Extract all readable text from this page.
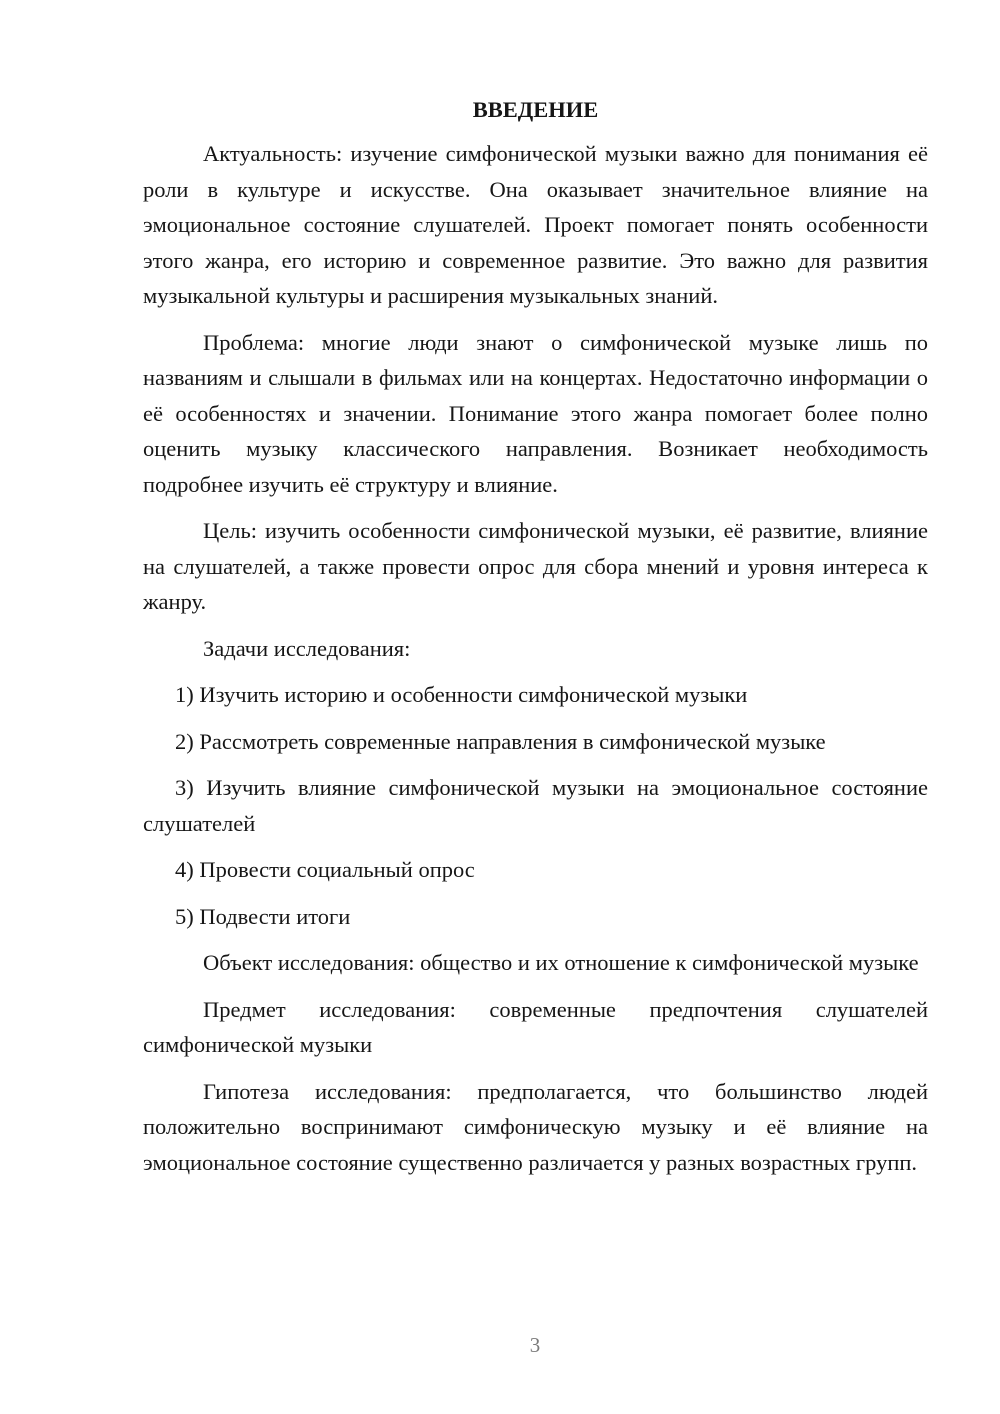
ВВЕДЕНИЕ

Актуальность: изучение симфонической музыки важно для понимания её роли в культуре и искусстве. Она оказывает значительное влияние на эмоциональное состояние слушателей. Проект помогает понять особенности этого жанра, его историю и современное развитие. Это важно для развития музыкальной культуры и расширения музыкальных знаний.

Проблема: многие люди знают о симфонической музыке лишь по названиям и слышали в фильмах или на концертах. Недостаточно информации о её особенностях и значении. Понимание этого жанра помогает более полно оценить музыку классического направления. Возникает необходимость подробнее изучить её структуру и влияние.

Цель: изучить особенности симфонической музыки, её развитие, влияние на слушателей, а также провести опрос для сбора мнений и уровня интереса к жанру.

Задачи исследования:

1) Изучить историю и особенности симфонической музыки

2) Рассмотреть современные направления в симфонической музыке

3) Изучить влияние симфонической музыки на эмоциональное состояние слушателей

4) Провести социальный опрос

5) Подвести итоги

Объект исследования: общество и их отношение к симфонической музыке

Предмет исследования: современные предпочтения слушателей симфонической музыки

Гипотеза исследования: предполагается, что большинство людей положительно воспринимают симфоническую музыку и её влияние на эмоциональное состояние существенно различается у разных возрастных групп.

3
